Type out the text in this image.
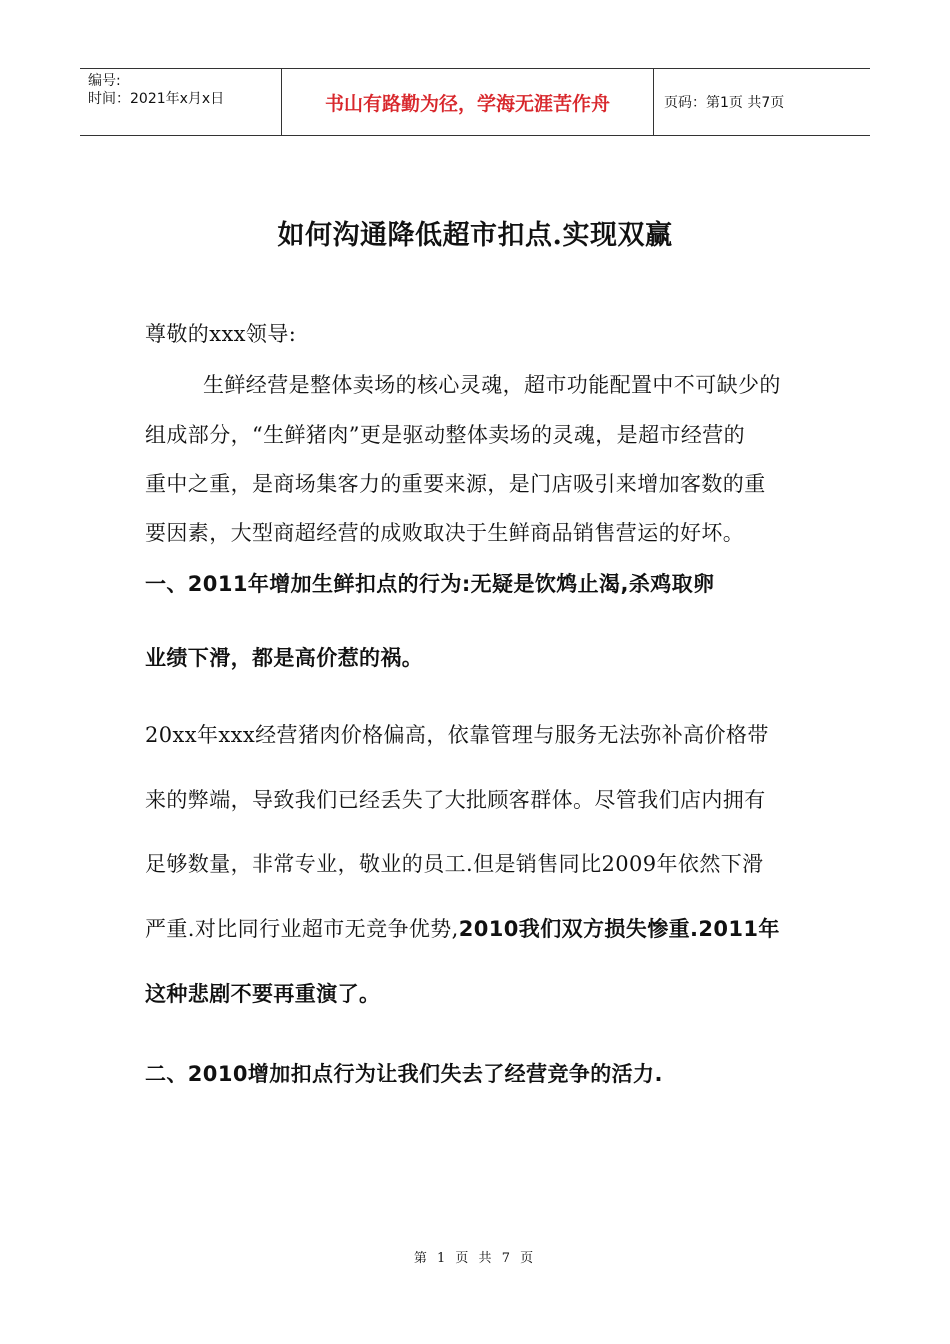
编号:
时间：2021年x月x日	书山有路勤为径，学海无涯苦作舟	页码：第1页 共7页
如何沟通降低超市扣点.实现双赢
尊敬的xxx领导:
生鲜经营是整体卖场的核心灵魂，超市功能配置中不可缺少的
组成部分，“生鲜猪肉”更是驱动整体卖场的灵魂，是超市经营的
重中之重，是商场集客力的重要来源，是门店吸引来增加客数的重
要因素，大型商超经营的成败取决于生鲜商品销售营运的好坏。
一、2011年增加生鲜扣点的行为:无疑是饮鸩止渴,杀鸡取卵
业绩下滑，都是高价惹的祸。
20xx年xxx经营猪肉价格偏高，依靠管理与服务无法弥补高价格带
来的弊端，导致我们已经丢失了大批顾客群体。尽管我们店内拥有
足够数量，非常专业，敬业的员工.但是销售同比2009年依然下滑
严重.对比同行业超市无竞争优势,2010我们双方损失惨重.2011年
这种悲剧不要再重演了。
二、2010增加扣点行为让我们失去了经营竞争的活力.
第 1 页 共 7 页
